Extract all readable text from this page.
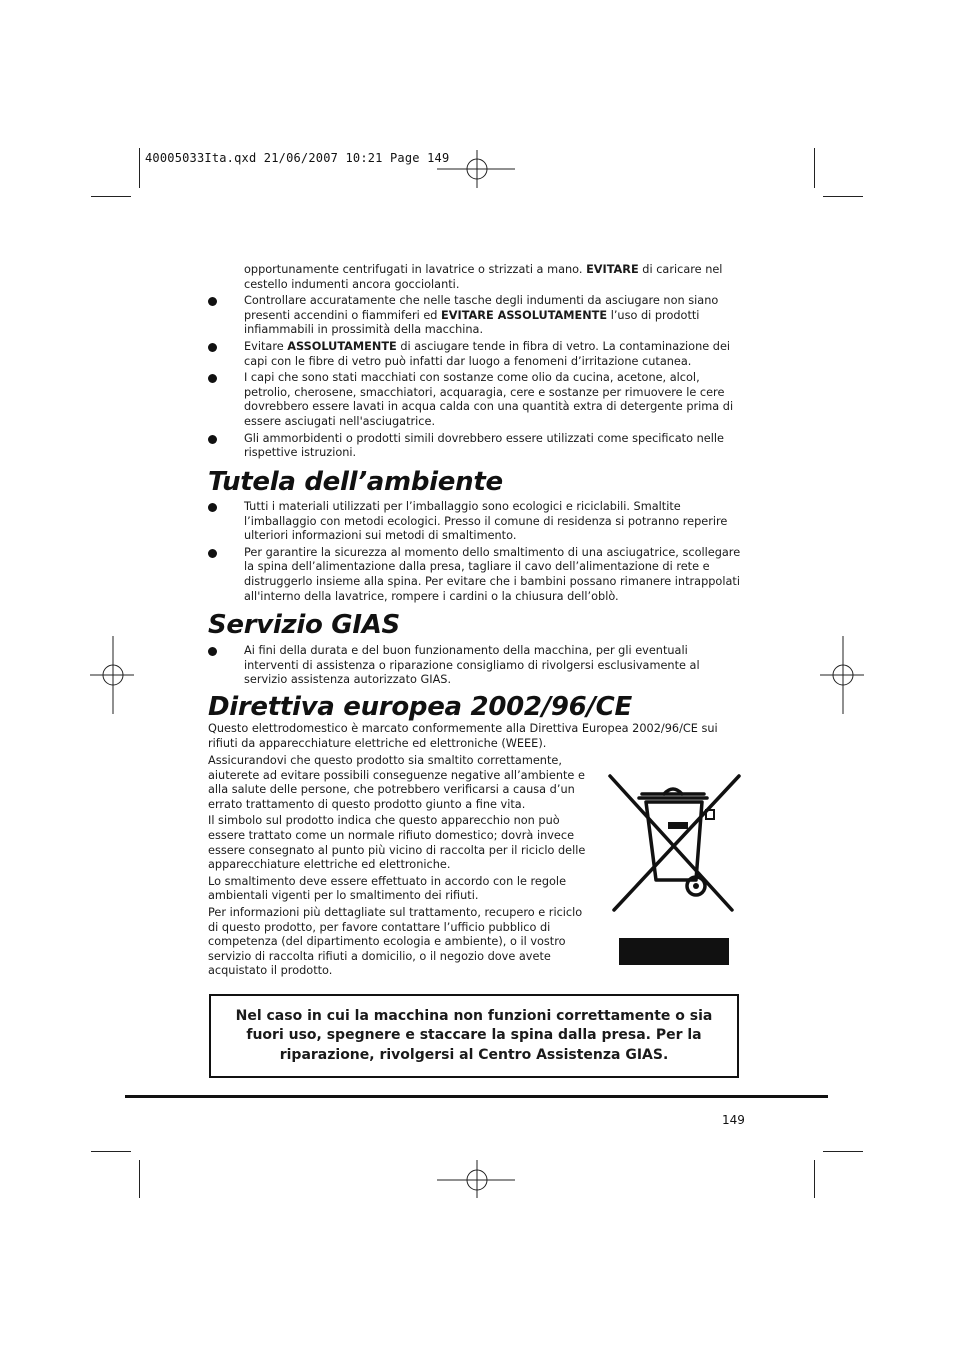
40005033Ita.qxd 21/06/2007 10:21 Page 149

opportunamente centrifugati in lavatrice o strizzati a mano. EVITARE di caricare nel cestello indumenti ancora gocciolanti.

Controllare accuratamente che nelle tasche degli indumenti da asciugare non siano presenti accendini o fiammiferi ed EVITARE ASSOLUTAMENTE l’uso di prodotti infiammabili in prossimità della macchina.

Evitare ASSOLUTAMENTE di asciugare tende in fibra di vetro. La contaminazione dei capi con le fibre di vetro può infatti dar luogo a fenomeni d’irritazione cutanea.

I capi che sono stati macchiati con sostanze come olio da cucina, acetone, alcol, petrolio, cherosene, smacchiatori, acquaragia, cere e sostanze per rimuovere le cere dovrebbero essere lavati in acqua calda con una quantità extra di detergente prima di essere asciugati nell'asciugatrice.

Gli ammorbidenti o prodotti simili dovrebbero essere utilizzati come specificato nelle rispettive istruzioni.

Tutela dell’ambiente

Tutti i materiali utilizzati per l’imballaggio sono ecologici e riciclabili. Smaltite l’imballaggio con metodi ecologici. Presso il comune di residenza si potranno reperire ulteriori informazioni sui metodi di smaltimento.

Per garantire la sicurezza al momento dello smaltimento di una asciugatrice, scollegare la spina dell’alimentazione dalla presa, tagliare il cavo dell’alimentazione di rete e distruggerlo insieme alla spina. Per evitare che i bambini possano rimanere intrappolati all'interno della lavatrice, rompere i cardini o la chiusura dell’oblò.

Servizio GIAS

Ai fini della durata e del buon funzionamento della macchina, per gli eventuali interventi di assistenza o riparazione consigliamo di rivolgersi esclusivamente al servizio assistenza autorizzato GIAS.

Direttiva europea 2002/96/CE

Questo elettrodomestico è marcato conformemente alla Direttiva Europea 2002/96/CE sui rifiuti da apparecchiature elettriche ed elettroniche (WEEE).

Assicurandovi che questo prodotto sia smaltito correttamente, aiuterete ad evitare possibili conseguenze negative all’ambiente e alla salute delle persone, che potrebbero verificarsi a causa d’un errato trattamento di questo prodotto giunto a fine vita.

Il simbolo sul prodotto indica che questo apparecchio non può essere trattato come un normale rifiuto domestico; dovrà invece essere consegnato al punto più vicino di raccolta per il riciclo delle apparecchiature elettriche ed elettroniche.

Lo smaltimento deve essere effettuato in accordo con le regole ambientali vigenti per lo smaltimento dei rifiuti.

Per informazioni più dettagliate sul trattamento, recupero e riciclo di questo prodotto, per favore contattare l’ufficio pubblico di competenza (del dipartimento ecologia e ambiente), o il vostro servizio di raccolta rifiuti a domicilio, o il negozio dove avete acquistato il prodotto.

Nel caso in cui la macchina non funzioni correttamente o sia fuori uso, spegnere e staccare la spina dalla presa. Per la riparazione, rivolgersi al Centro Assistenza GIAS.
149
